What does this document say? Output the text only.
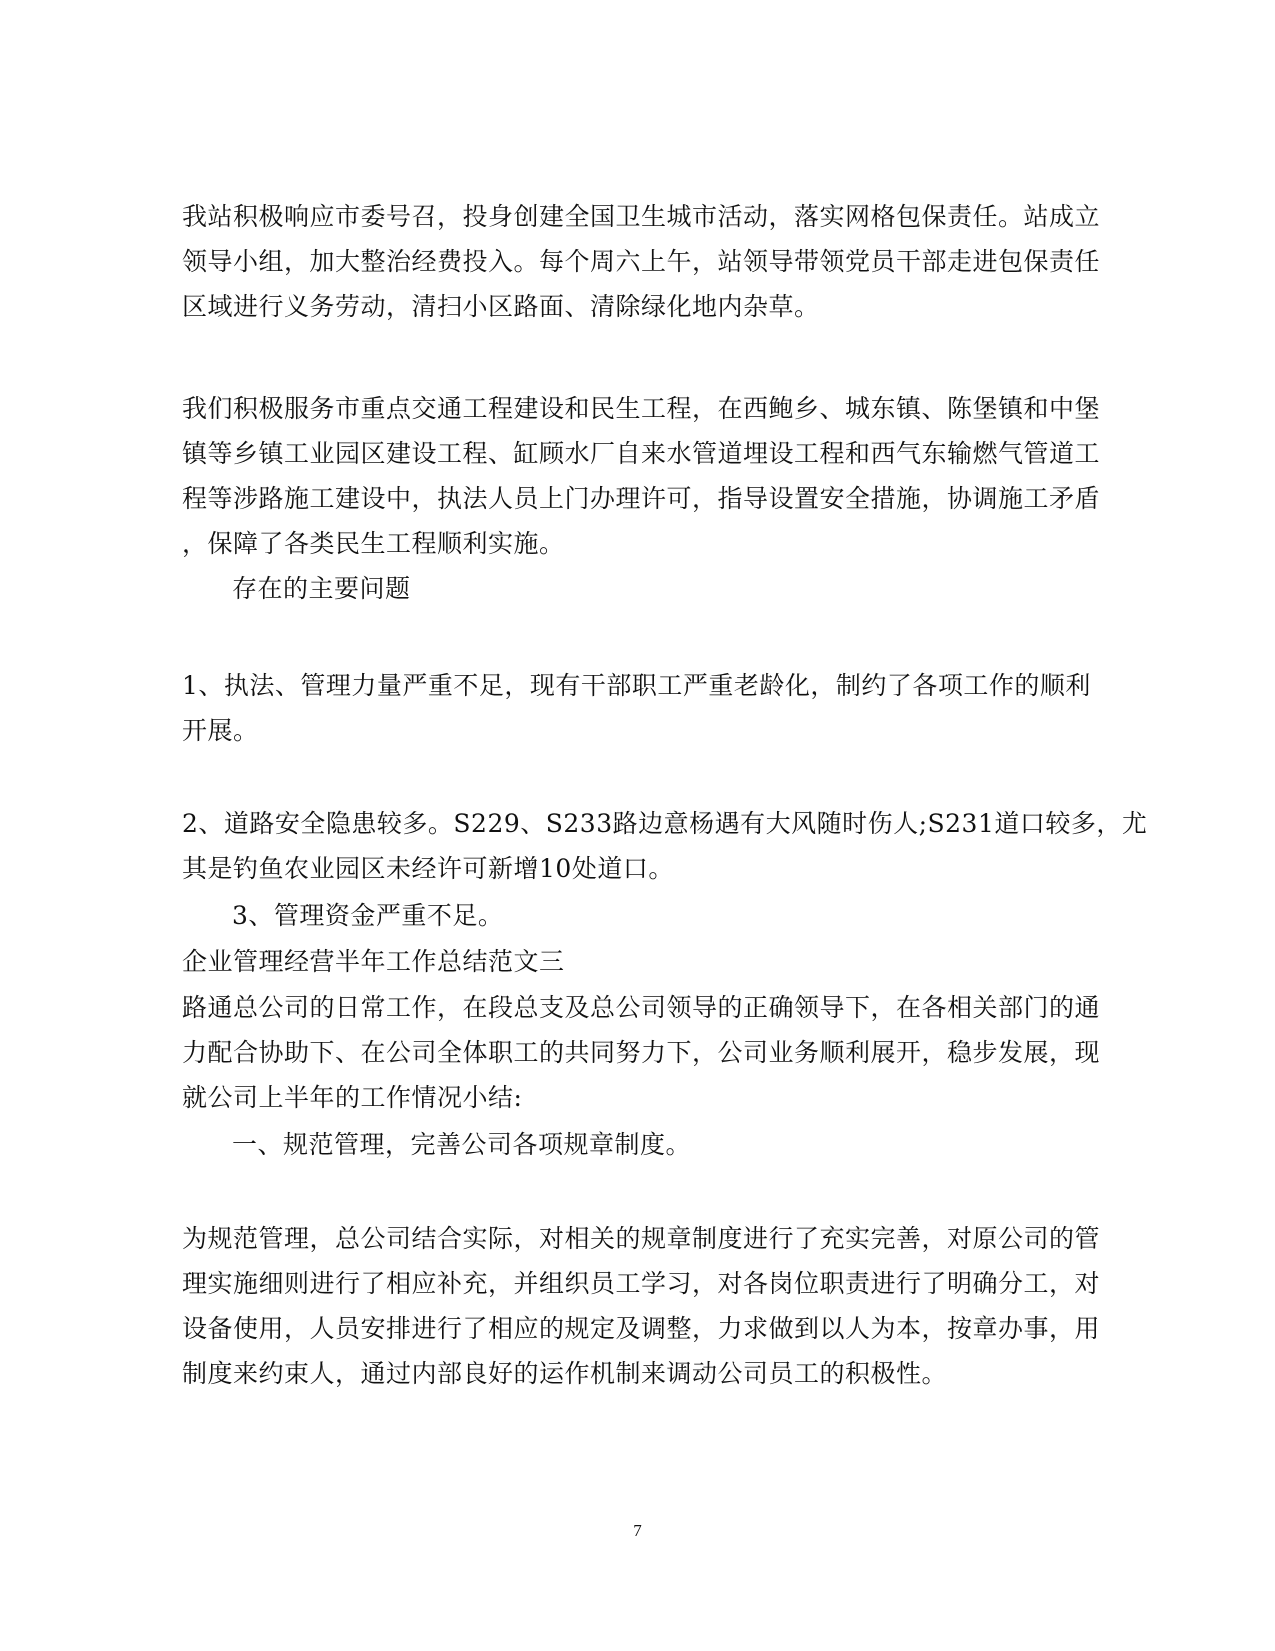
我站积极响应市委号召，投身创建全国卫生城市活动，落实网格包保责任。站成立
领导小组，加大整治经费投入。每个周六上午，站领导带领党员干部走进包保责任
区域进行义务劳动，清扫小区路面、清除绿化地内杂草。
我们积极服务市重点交通工程建设和民生工程，在西鲍乡、城东镇、陈堡镇和中堡
镇等乡镇工业园区建设工程、缸顾水厂自来水管道埋设工程和西气东输燃气管道工
程等涉路施工建设中，执法人员上门办理许可，指导设置安全措施，协调施工矛盾
，保障了各类民生工程顺利实施。
存在的主要问题
1、执法、管理力量严重不足，现有干部职工严重老龄化，制约了各项工作的顺利
开展。
2、道路安全隐患较多。S229、S233路边意杨遇有大风随时伤人;S231道口较多，尤
其是钓鱼农业园区未经许可新增10处道口。
3、管理资金严重不足。
企业管理经营半年工作总结范文三
路通总公司的日常工作，在段总支及总公司领导的正确领导下，在各相关部门的通
力配合协助下、在公司全体职工的共同努力下，公司业务顺利展开，稳步发展，现
就公司上半年的工作情况小结:
一、规范管理，完善公司各项规章制度。
为规范管理，总公司结合实际，对相关的规章制度进行了充实完善，对原公司的管
理实施细则进行了相应补充，并组织员工学习，对各岗位职责进行了明确分工，对
设备使用，人员安排进行了相应的规定及调整，力求做到以人为本，按章办事，用
制度来约束人，通过内部良好的运作机制来调动公司员工的积极性。
7
